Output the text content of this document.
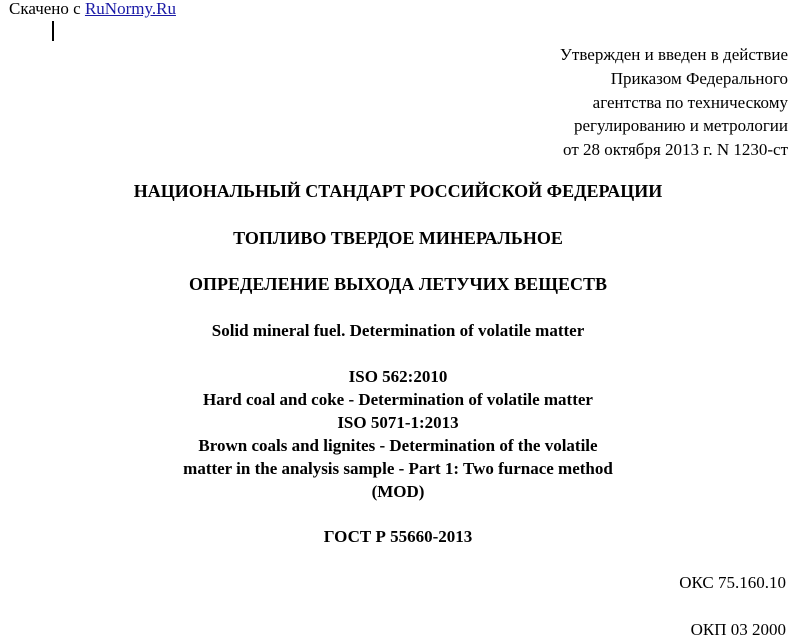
Скачено с RuNormy.Ru
Утвержден и введен в действие
Приказом Федерального
агентства по техническому
регулированию и метрологии
от 28 октября 2013 г. N 1230-ст
НАЦИОНАЛЬНЫЙ СТАНДАРТ РОССИЙСКОЙ ФЕДЕРАЦИИ
ТОПЛИВО ТВЕРДОЕ МИНЕРАЛЬНОЕ
ОПРЕДЕЛЕНИЕ ВЫХОДА ЛЕТУЧИХ ВЕЩЕСТВ
Solid mineral fuel. Determination of volatile matter
ISO 562:2010
Hard coal and coke - Determination of volatile matter
ISO 5071-1:2013
Brown coals and lignites - Determination of the volatile
matter in the analysis sample - Part 1: Two furnace method
(MOD)
ГОСТ Р 55660-2013
ОКС 75.160.10
ОКП 03 2000
